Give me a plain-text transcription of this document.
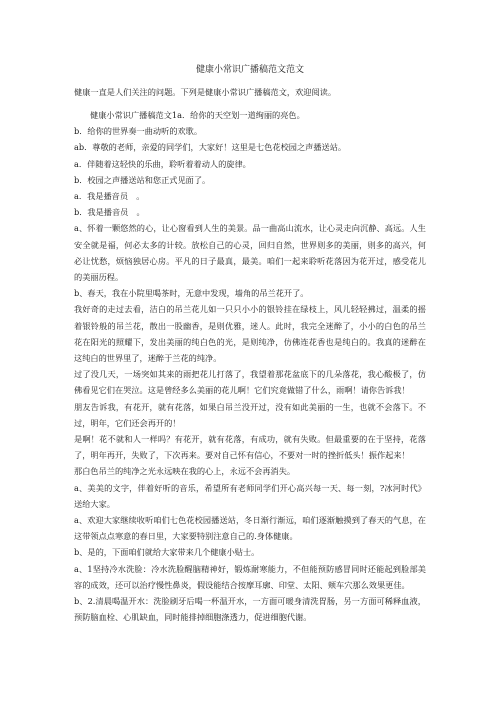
健康小常识广播稿范文范文

健康一直是人们关注的问题。下列是健康小常识广播稿范文，欢迎阅读。

健康小常识广播稿范文1a．给你的天空划一道绚丽的亮色。

b．给你的世界奏一曲动听的欢歌。

ab．尊敬的老师，亲爱的同学们，大家好！这里是七色花校园之声播送站。

a．伴随着这轻快的乐曲，聆听着着动人的旋律。

b．校园之声播送站和您正式见面了。

a．我是播音员　。

b．我是播音员　。

a、怀着一颗悠然的心，让心窗看到人生的美景。品一曲高山流水，让心灵走向沉静、高远。人生安全就是福，何必太多的计较。放松自己的心灵，回归自然，世界则多的美丽，则多的高兴，何必让忧愁，烦恼独居心房。平凡的日子最真，最美。咱们一起来聆听花落因为花开过，感受花儿的美丽历程。

b、春天，我在小院里喝茶时，无意中发现，墙角的吊兰花开了。

我好奇的走过去看，洁白的吊兰花儿如一只只小小的银铃挂在绿枝上，风儿轻轻拂过，温柔的摇着银铃般的吊兰花，散出一股幽香，是则优雅，迷人。此时，我完全迷醉了，小小的白色的吊兰花在阳光的照耀下，发出美丽的纯白色的光，是则纯净，仿佛连花香也是纯白的。我真的迷醉在这纯白的世界里了，迷醉于兰花的纯净。

过了没几天，一场突如其来的雨把花儿打落了，我望着那花盆底下的几朵落花，我心酸极了，仿佛看见它们在哭泣。这是曾经多么美丽的花儿啊！它们究竟做错了什么，雨啊！请你告诉我！

朋友告诉我，有花开，就有花落，如果白吊兰没开过，没有如此美丽的一生，也就不会落下。不过，明年，它们还会再开的！

是啊！花不就和人一样吗？有花开，就有花落，有成功，就有失败。但最重要的在于坚持，花落了，明年再开，失败了，下次再来。要对自己怀有信心，不要对一时的挫折低头！振作起来！

那白色吊兰的纯净之光永远映在我的心上，永远不会再消失。

a、美美的文字，伴着好听的音乐，希望所有老师同学们开心高兴每一天、每一刻，?冰河时代》送给大家。

a、欢迎大家继续收听咱们七色花校园播送站，冬日渐行渐远，咱们逐渐触摸到了春天的气息，在这带领点点寒意的春日里，大家要特别注意自己的.身体健康。

b、是的，下面咱们就给大家带来几个健康小贴士。

a、1坚持冷水洗脸：冷水洗脸醒脑精神好，锻炼耐寒能力，不但能预防感冒同时还能起到脸部美容的成效，还可以治疗慢性鼻炎，假设能结合按摩耳廓、印堂、太阳、颊车穴那么效果更佳。

b、2.清晨喝温开水：洗脸刷牙后喝一杯温开水，一方面可暖身清洗胃肠，另一方面可稀释血液，预防脑血栓、心肌缺血，同时能排掉细胞涤透力，促进细胞代谢。
